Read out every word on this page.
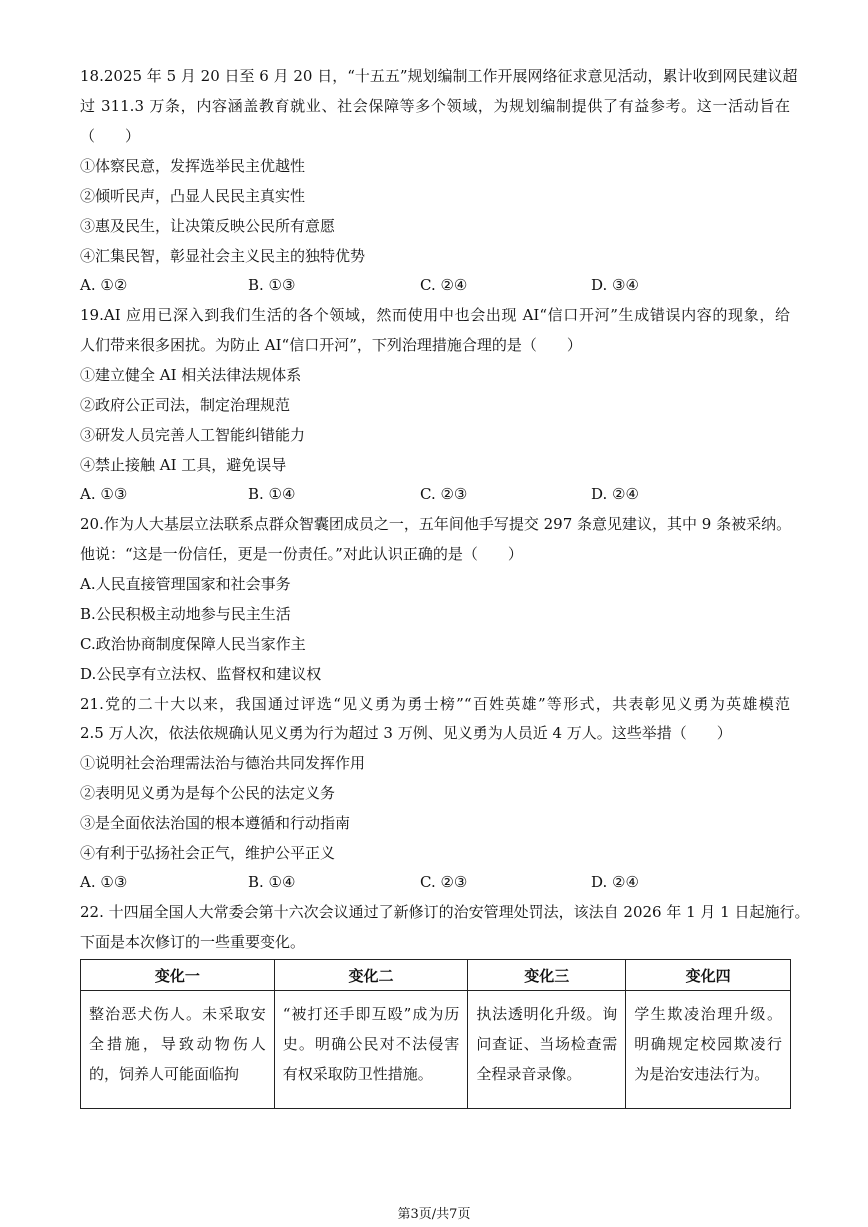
18.2025 年 5 月 20 日至 6 月 20 日，“十五五”规划编制工作开展网络征求意见活动，累计收到网民建议超
过 311.3 万条，内容涵盖教育就业、社会保障等多个领域，为规划编制提供了有益参考。这一活动旨在
（　　）
①体察民意，发挥选举民主优越性
②倾听民声，凸显人民民主真实性
③惠及民生，让决策反映公民所有意愿
④汇集民智，彰显社会主义民主的独特优势
A. ①②	B. ①③	C. ②④	D. ③④
19.AI 应用已深入到我们生活的各个领域，然而使用中也会出现 AI“信口开河”生成错误内容的现象，给
人们带来很多困扰。为防止 AI“信口开河”，下列治理措施合理的是（　　）
①建立健全 AI 相关法律法规体系
②政府公正司法，制定治理规范
③研发人员完善人工智能纠错能力
④禁止接触 AI 工具，避免误导
A. ①③	B. ①④	C. ②③	D. ②④
20.作为人大基层立法联系点群众智囊团成员之一，五年间他手写提交 297 条意见建议，其中 9 条被采纳。
他说：“这是一份信任，更是一份责任。”对此认识正确的是（　　）
A.人民直接管理国家和社会事务
B.公民积极主动地参与民主生活
C.政治协商制度保障人民当家作主
D.公民享有立法权、监督权和建议权
21.党的二十大以来，我国通过评选“见义勇为勇士榜”“百姓英雄”等形式，共表彰见义勇为英雄模范
2.5 万人次，依法依规确认见义勇为行为超过 3 万例、见义勇为人员近 4 万人。这些举措（　　）
①说明社会治理需法治与德治共同发挥作用
②表明见义勇为是每个公民的法定义务
③是全面依法治国的根本遵循和行动指南
④有利于弘扬社会正气，维护公平正义
A. ①③	B. ①④	C. ②③	D. ②④
22. 十四届全国人大常委会第十六次会议通过了新修订的治安管理处罚法，该法自 2026 年 1 月 1 日起施行。
下面是本次修订的一些重要变化。
变化一	变化二	变化三	变化四
整治恶犬伤人。未采取安全措施，导致动物伤人的，饲养人可能面临拘	“被打还手即互殴”成为历史。明确公民对不法侵害有权采取防卫性措施。	执法透明化升级。询问查证、当场检查需全程录音录像。	学生欺凌治理升级。明确规定校园欺凌行为是治安违法行为。
第3页/共7页
